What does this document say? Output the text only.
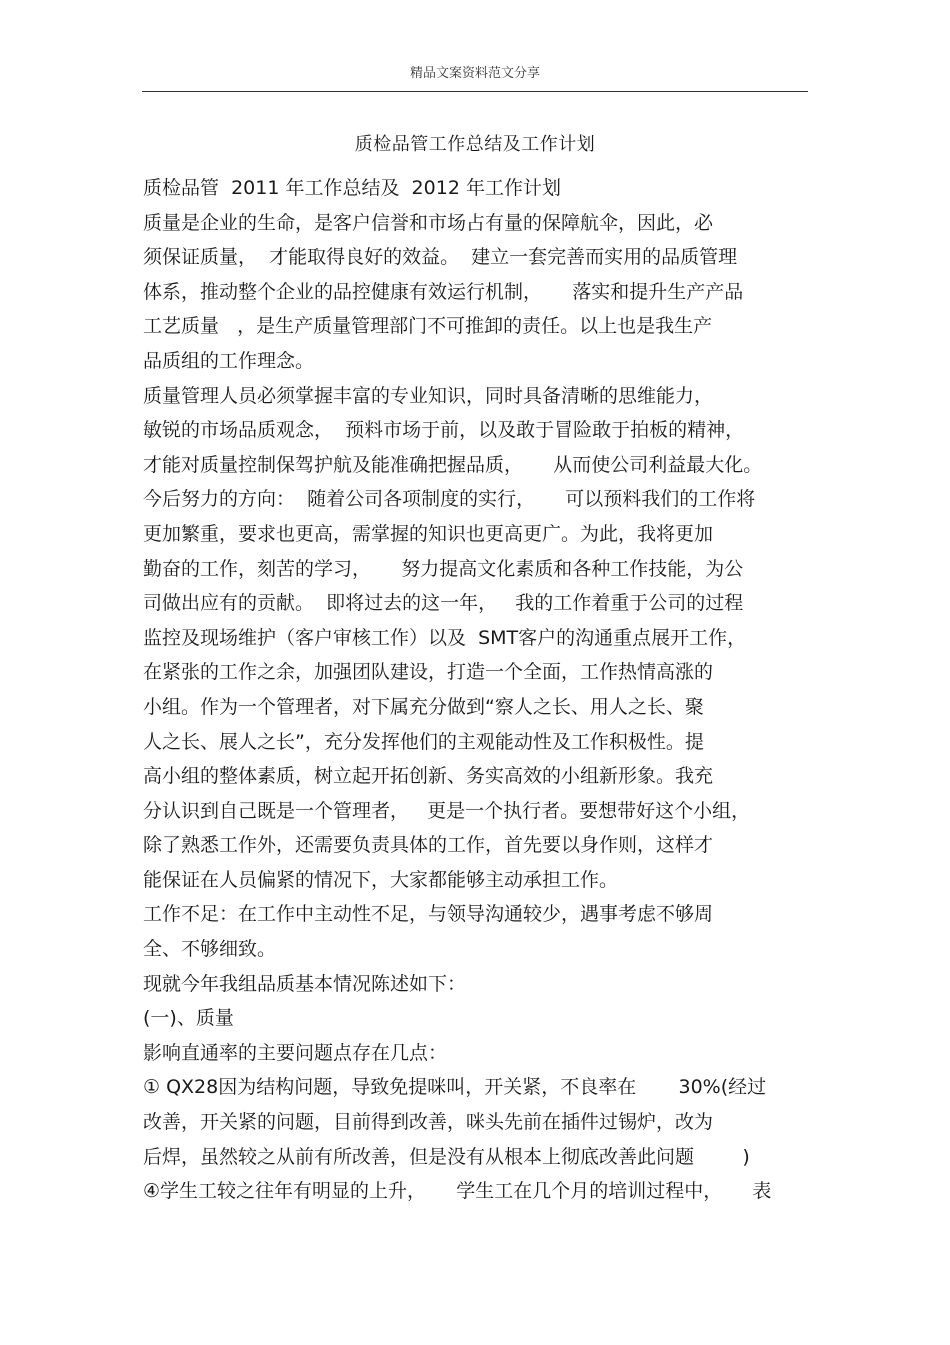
精品文案资料范文分享
质检品管工作总结及工作计划
质检品管  2011 年工作总结及  2012 年工作计划
质量是企业的生命，是客户信誉和市场占有量的保障航伞，因此，必
须保证质量，  才能取得良好的效益。  建立一套完善而实用的品质管理
体系，推动整个企业的品控健康有效运行机制，     落实和提升生产产品
工艺质量   ，是生产质量管理部门不可推卸的责任。以上也是我生产
品质组的工作理念。
质量管理人员必须掌握丰富的专业知识，同时具备清晰的思维能力，
敏锐的市场品质观念，  预料市场于前，以及敢于冒险敢于拍板的精神，
才能对质量控制保驾护航及能准确把握品质，     从而使公司利益最大化。
今后努力的方向：  随着公司各项制度的实行，     可以预料我们的工作将
更加繁重，要求也更高，需掌握的知识也更高更广。为此，我将更加
勤奋的工作，刻苦的学习，     努力提高文化素质和各种工作技能，为公
司做出应有的贡献。  即将过去的这一年，   我的工作着重于公司的过程
监控及现场维护（客户审核工作）以及  SMT客户的沟通重点展开工作，
在紧张的工作之余，加强团队建设，打造一个全面，工作热情高涨的
小组。作为一个管理者，对下属充分做到“察人之长、用人之长、聚
人之长、展人之长”，充分发挥他们的主观能动性及工作积极性。提
高小组的整体素质，树立起开拓创新、务实高效的小组新形象。我充
分认识到自己既是一个管理者，   更是一个执行者。要想带好这个小组，
除了熟悉工作外，还需要负责具体的工作，首先要以身作则，这样才
能保证在人员偏紧的情况下，大家都能够主动承担工作。
工作不足：在工作中主动性不足，与领导沟通较少，遇事考虑不够周
全、不够细致。
现就今年我组品质基本情况陈述如下：
(一)、质量
影响直通率的主要问题点存在几点：
① QX28因为结构问题，导致免提咪叫，开关紧，不良率在       30%(经过
改善，开关紧的问题，目前得到改善，咪头先前在插件过锡炉，改为
后焊，虽然较之从前有所改善，但是没有从根本上彻底改善此问题        )
④学生工较之往年有明显的上升，     学生工在几个月的培训过程中，     表
